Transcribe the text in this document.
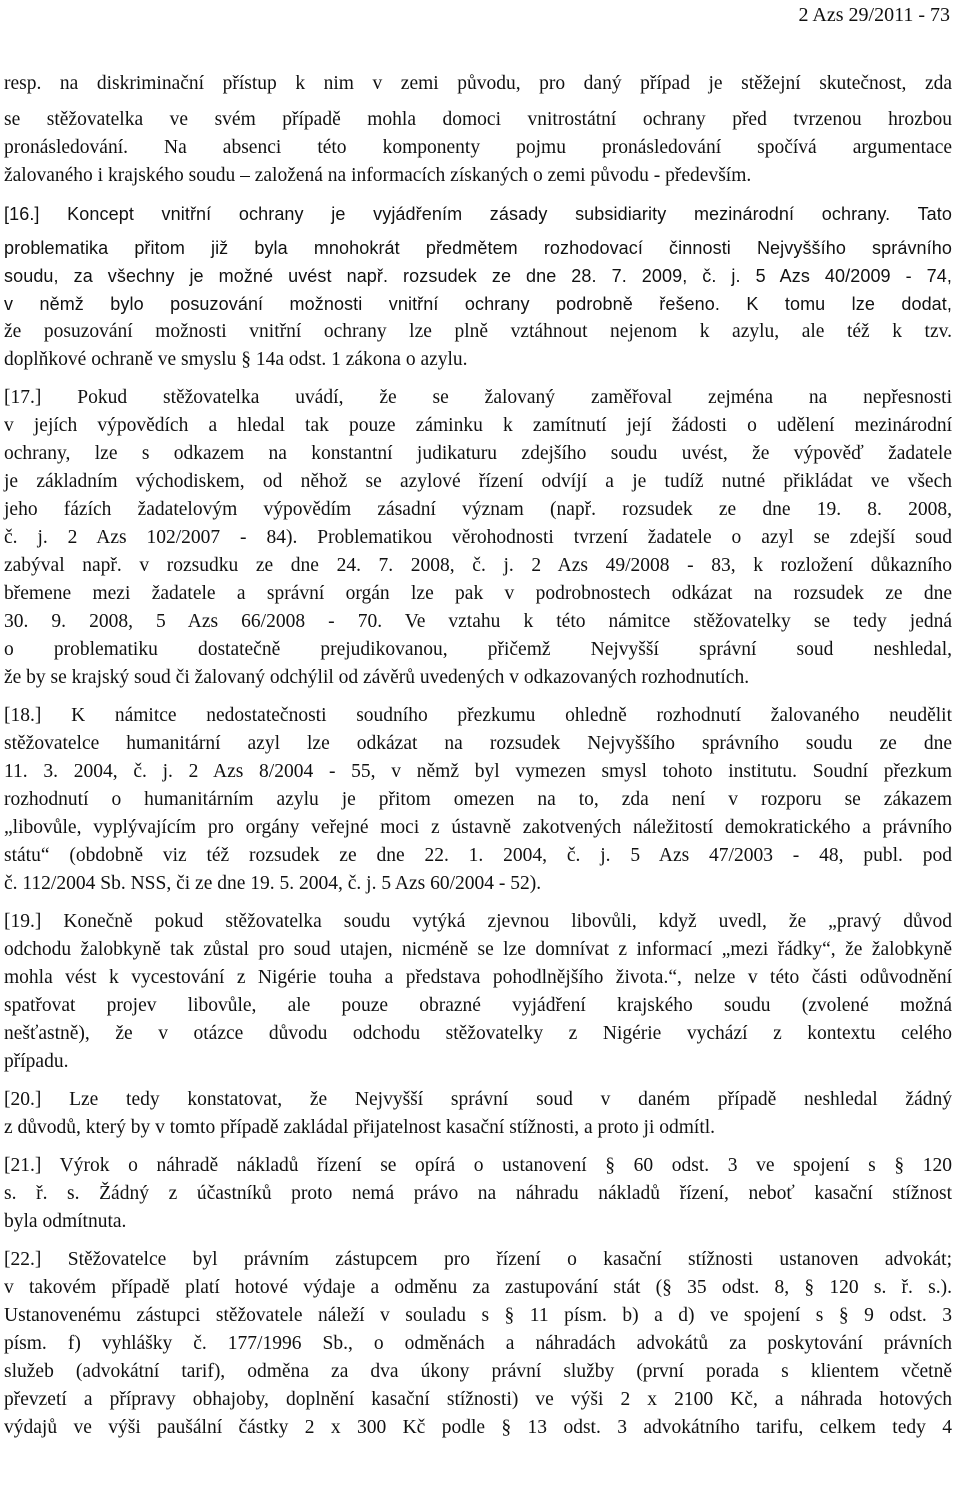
2 Azs 29/2011 - 73
resp. na diskriminační přístup k nim v zemi původu, pro daný případ je stěžejní skutečnost, zda
se stěžovatelka ve svém případě mohla domoci vnitrostátní ochrany před tvrzenou hrozbou
pronásledování. Na absenci této komponenty pojmu pronásledování spočívá argumentace
žalovaného i krajského soudu – založená na informacích získaných o zemi původu - především.
[16.] Koncept vnitřní ochrany je vyjádřením zásady subsidiarity mezinárodní ochrany. Tato
problematika přitom již byla mnohokrát předmětem rozhodovací činnosti Nejvyššího správního
soudu, za všechny je možné uvést např. rozsudek ze dne 28. 7. 2009, č. j. 5 Azs 40/2009 - 74,
v němž bylo posuzování možnosti vnitřní ochrany podrobně řešeno. K tomu lze dodat,
že posuzování možnosti vnitřní ochrany lze plně vztáhnout nejenom k azylu, ale též k tzv.
doplňkové ochraně ve smyslu § 14a odst. 1 zákona o azylu.
[17.] Pokud stěžovatelka uvádí, že se žalovaný zaměřoval zejména na nepřesnosti
v jejích výpovědích a hledal tak pouze záminku k zamítnutí její žádosti o udělení mezinárodní
ochrany, lze s odkazem na konstantní judikaturu zdejšího soudu uvést, že výpověď žadatele
je základním východiskem, od něhož se azylové řízení odvíjí a je tudíž nutné přikládat ve všech
jeho fázích žadatelovým výpovědím zásadní význam (např. rozsudek ze dne 19. 8. 2008,
č. j. 2 Azs 102/2007 - 84). Problematikou věrohodnosti tvrzení žadatele o azyl se zdejší soud
zabýval např. v rozsudku ze dne 24. 7. 2008, č. j. 2 Azs 49/2008 - 83, k rozložení důkazního
břemene mezi žadatele a správní orgán lze pak v podrobnostech odkázat na rozsudek ze dne
30. 9. 2008, 5 Azs 66/2008 - 70. Ve vztahu k této námitce stěžovatelky se tedy jedná
o problematiku dostatečně prejudikovanou, přičemž Nejvyšší správní soud neshledal,
že by se krajský soud či žalovaný odchýlil od závěrů uvedených v odkazovaných rozhodnutích.
[18.] K námitce nedostatečnosti soudního přezkumu ohledně rozhodnutí žalovaného neudělit
stěžovatelce humanitární azyl lze odkázat na rozsudek Nejvyššího správního soudu ze dne
11. 3. 2004, č. j. 2 Azs 8/2004 - 55, v němž byl vymezen smysl tohoto institutu. Soudní přezkum
rozhodnutí o humanitárním azylu je přitom omezen na to, zda není v rozporu se zákazem
„libovůle, vyplývajícím pro orgány veřejné moci z ústavně zakotvených náležitostí demokratického a právního
státu“ (obdobně viz též rozsudek ze dne 22. 1. 2004, č. j. 5 Azs 47/2003 - 48, publ. pod
č. 112/2004 Sb. NSS, či ze dne 19. 5. 2004, č. j. 5 Azs 60/2004 - 52).
[19.] Konečně pokud stěžovatelka soudu vytýká zjevnou libovůli, když uvedl, že „pravý důvod
odchodu žalobkyně tak zůstal pro soud utajen, nicméně se lze domnívat z informací „mezi řádky“, že žalobkyně
mohla vést k vycestování z Nigérie touha a představa pohodlnějšího života.“, nelze v této části odůvodnění
spatřovat projev libovůle, ale pouze obrazné vyjádření krajského soudu (zvolené možná
nešťastně), že v otázce důvodu odchodu stěžovatelky z Nigérie vychází z kontextu celého
případu.
[20.] Lze tedy konstatovat, že Nejvyšší správní soud v daném případě neshledal žádný
z důvodů, který by v tomto případě zakládal přijatelnost kasační stížnosti, a proto ji odmítl.
[21.] Výrok o náhradě nákladů řízení se opírá o ustanovení § 60 odst. 3 ve spojení s § 120
s. ř. s. Žádný z účastníků proto nemá právo na náhradu nákladů řízení, neboť kasační stížnost
byla odmítnuta.
[22.] Stěžovatelce byl právním zástupcem pro řízení o kasační stížnosti ustanoven advokát;
v takovém případě platí hotové výdaje a odměnu za zastupování stát (§ 35 odst. 8, § 120 s. ř. s.).
Ustanovenému zástupci stěžovatele náleží v souladu s § 11 písm. b) a d) ve spojení s § 9 odst. 3
písm. f) vyhlášky č. 177/1996 Sb., o odměnách a náhradách advokátů za poskytování právních
služeb (advokátní tarif), odměna za dva úkony právní služby (první porada s klientem včetně
převzetí a přípravy obhajoby, doplnění kasační stížnosti) ve výši 2 x 2100 Kč, a náhrada hotových
výdajů ve výši paušální částky 2 x 300 Kč podle § 13 odst. 3 advokátního tarifu, celkem tedy 4
